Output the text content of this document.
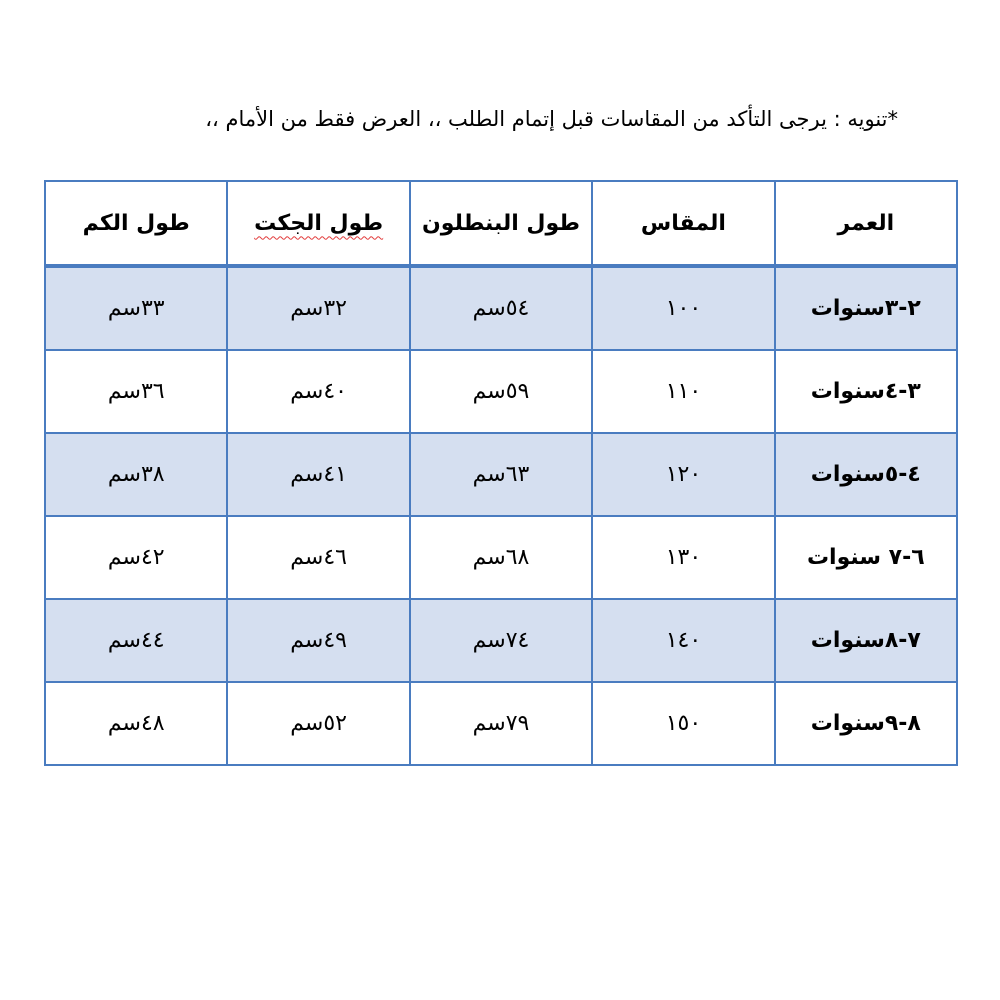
*تنويه : يرجى التأكد من المقاسات قبل إتمام الطلب ،، العرض فقط من الأمام ،،
العمر	المقاس	طول البنطلون	طول الجكت	طول الكم
٢-٣سنوات	١٠٠	٥٤سم	٣٢سم	٣٣سم
٣-٤سنوات	١١٠	٥٩سم	٤٠سم	٣٦سم
٤-٥سنوات	١٢٠	٦٣سم	٤١سم	٣٨سم
٦-٧ سنوات	١٣٠	٦٨سم	٤٦سم	٤٢سم
٧-٨سنوات	١٤٠	٧٤سم	٤٩سم	٤٤سم
٨-٩سنوات	١٥٠	٧٩سم	٥٢سم	٤٨سم
